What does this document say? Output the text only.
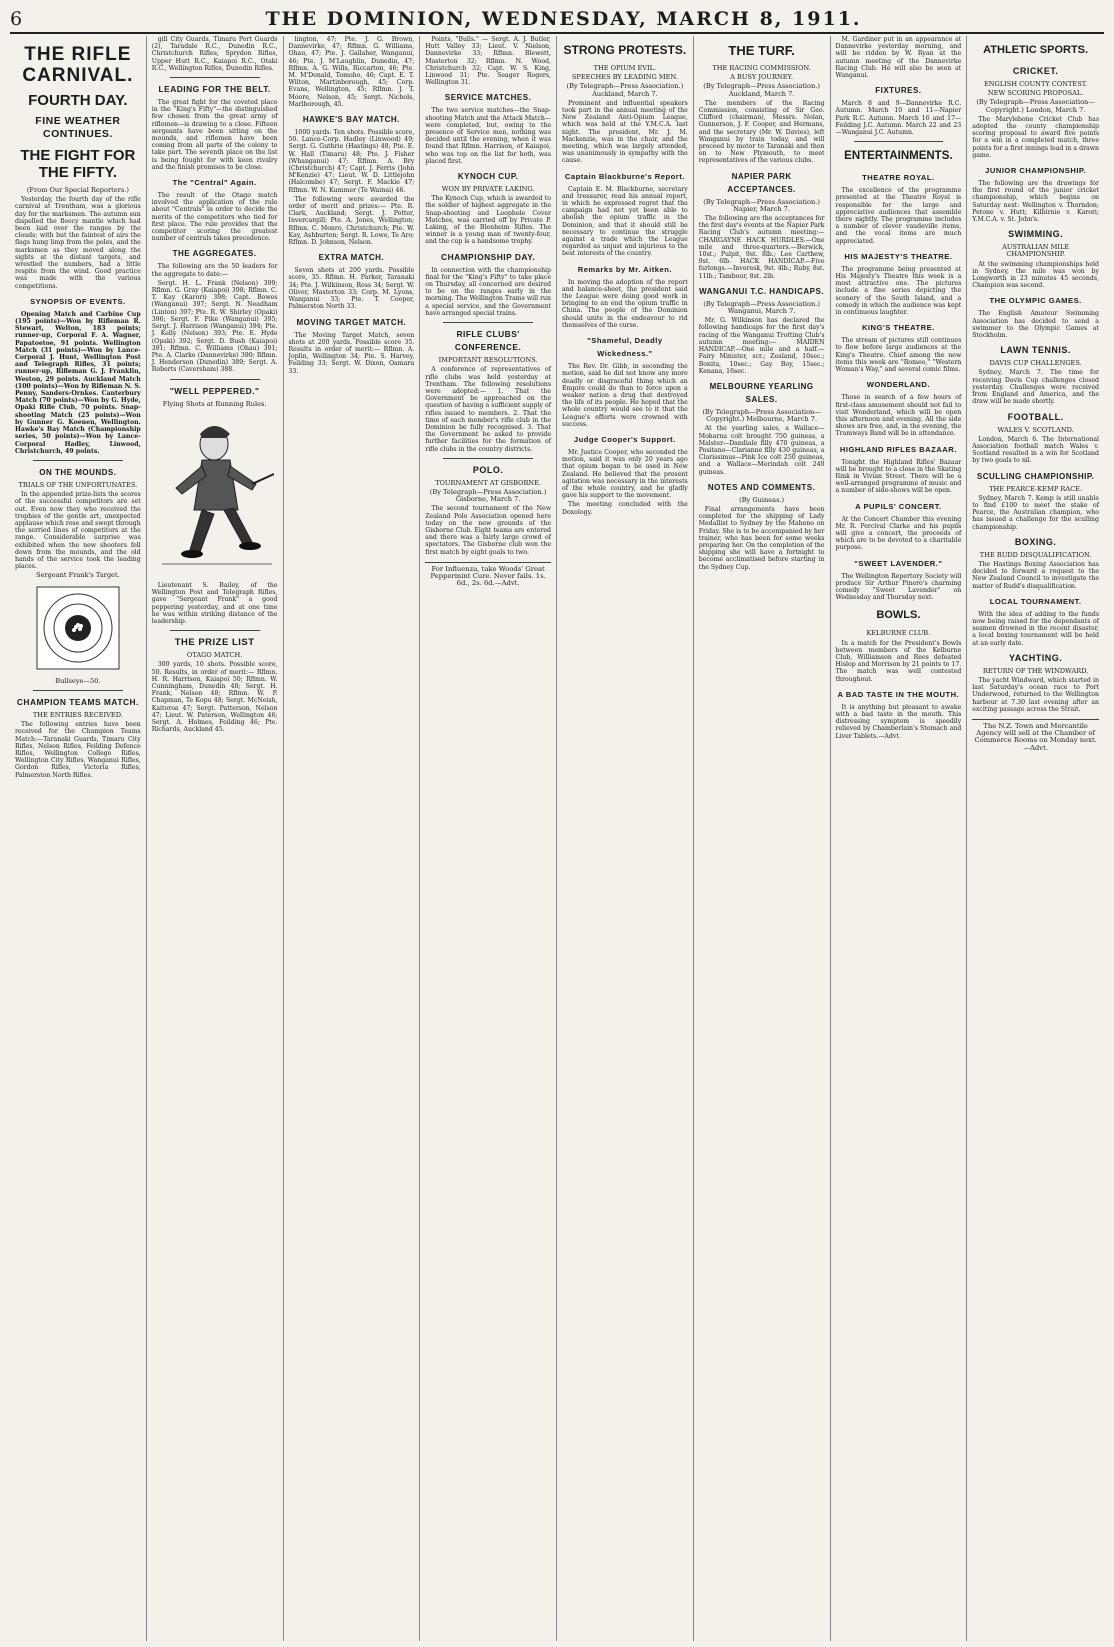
6	THE DOMINION, WEDNESDAY, MARCH 8, 1911.
THE RIFLE CARNIVAL.
FOURTH DAY.
FINE WEATHER CONTINUES.
THE FIGHT FOR THE FIFTY.
(From Our Special Reporters.)

Yesterday, the fourth day of the rifle carnival at Trentham, was a glorious day for the marksmen. The autumn sun dispelled the fleecy mantle which had been laid over the ranges by the clouds; with but the faintest of airs the flags hung limp from the poles, and the marksmen as they moved along the sights at the distant targets, and wrestled the numbers, had a little respite from the wind. Good practice was made with the various competitions.

SYNOPSIS OF EVENTS.

Opening Match and Carbine Cup (195 points)—Won by Rifleman R. Stewart, Welton, 183 points; runner-up, Corporal F. A. Wagner, Papatoetoe, 91 points. Wellington Match (31 points)—Won by Lance-Corporal J. Hunt, Wellington Post and Telegraph Rifles, 31 points; runner-up, Rifleman G. J. Franklin, Weston, 29 points. Auckland Match (100 points)—Won by Rifleman N. S. Penny, Sanders-Ornkes. Canterbury Match (70 points)—Won by G. Hyde, Opaki Rifle Club, 70 points. Snap-shooting Match (25 points)—Won by Gunner G. Koenen, Wellington. Hawke's Bay Match (Championship series, 50 points)—Won by Lance-Corporal Hadley, Linwood, Christchurch, 49 points.

ON THE MOUNDS.
TRIALS OF THE UNFORTUNATES.

In the appended prize-lists the scores of the successful competitors are set out. Even now they who received the trophies of the gentle art, unexpected applause which rose and swept through the serried lines of competitors at the range. Considerable surprise was exhibited when the new shooters fell down from the mounds, and the old hands of the service took the leading places.

Sergeant Frank's Target.
Bullseye—50.
CHAMPION TEAMS MATCH.
THE ENTRIES RECEIVED.

The following entries have been received for the Champion Teams Match:—Taranaki Guards, Timaru City Rifles, Nelson Rifles, Feilding Defence Rifles, Wellington College Rifles, Wellington City Rifles, Wanganui Rifles, Gordon Rifles, Victoria Rifles, Palmerston North Rifles.

gill City Guards, Timaru Port Guards (2), Taradale R.C., Dunedin R.C., Christchurch Rifles, Sprydon Rifles, Upper Hutt R.C., Kaiapoi R.C., Otaki R.C., Wellington Rifles, Dunedin Rifles.

LEADING FOR THE BELT.

The great fight for the coveted place in the "King's Fifty"—the distinguished few chosen from the great army of riflemen—is drawing to a close. Fifteen sergeants have been sitting on the mounds, and riflemen have been coming from all parts of the colony to take part. The seventh place on the list is being fought for with keen rivalry and the finish promises to be close.

The "Central" Again.

The result of the Otago match involved the application of the rule about "Centrals" in order to decide the merits of the competitors who tied for first place. The rule provides that the competitor scoring the greatest number of centrals takes precedence.

THE AGGREGATES.

The following are the 50 leaders for the aggregate to date:—

Sergt. H. L. Frank (Nelson) 399; Rflmn. G. Gray (Kaiapoi) 398; Rflmn. C. T. Kay (Karori) 398; Capt. Bowes (Wanganui) 397; Sergt. N. Neadham (Linton) 397; Pte. R. W. Shirley (Opaki) 396; Sergt. F. Pike (Wanganui) 395; Sergt. J. Harrison (Wanganui) 394; Pte. J. Kelly (Nelson) 393; Pte. E. Hyde (Opaki) 392; Sergt. D. Bush (Kaiapoi) 391; Rflmn. C. Williams (Ohau) 391; Pte. A. Clarke (Dannevirke) 390; Rflmn. J. Henderson (Dunedin) 389; Sergt. A. Roberts (Caversham) 388.

"WELL PEPPERED."
Flying Shots at Running Rules.

Lieutenant S. Bailey, of the Wellington Post and Telegraph Rifles, gave "Sergeant Frank" a good peppering yesterday, and at one time he was within striking distance of the leadership.

THE PRIZE LIST
OTAGO MATCH.

300 yards, 10 shots. Possible score, 50. Results, in order of merit:— Rflmn. H. R. Harrison, Kaiapoi 50; Rflmn. W. Cunningham, Dunedin 48; Sergt. H. Frank, Nelson 48; Rflmn. W. P. Chapman, Te Kopu 48; Sergt. McNeish, Kaitoroa 47; Sergt. Patterson, Nelson 47; Lieut. W. Paterson, Wellington 46; Sergt. A. Holmes, Feilding 46; Pte. Richards, Auckland 45.

lington, 47; Pte. J. G. Brown, Dannevirke, 47; Rflmn. G. Williams, Ohau, 47; Pte. J. Gallaher, Wanganui, 46; Pte. J. M'Laughlin, Dunedin, 47; Rflmn. A. G. Wills, Riccarton, 46; Pte. M. M'Donald, Tomoho, 46; Capt. E. T. Wilton, Martinborough, 45; Corp. Evans, Wellington, 45; Rflmn. J. T. Moore, Nelson, 45; Sergt. Nichols, Marlborough, 45.

HAWKE'S BAY MATCH.

1000 yards. Ten shots. Possible score, 50. Lance-Corp. Hadley (Linwood) 49; Sergt. G. Guthrie (Hastings) 48; Pte. E. W. Hall (Timaru) 48; Pte. J. Fisher (Whanganui) 47; Rflmn. A. Bry (Christchurch) 47; Capt. J. Ferris (John M'Kenzie) 47; Lieut. W. D. Littlejohn (Halcombe) 47; Sergt. F. Mackie 47; Rflmn. W. N. Kummer (Te Wainui) 46.

The following were awarded the order of merit and prizes:— Pte. R. Clark, Auckland; Sergt. J. Potter, Invercargill; Pte. A. Jones, Wellington; Rflmn. C. Monro, Christchurch; Pte. W. Kay, Ashburton; Sergt. R. Lowe, Te Aro; Rflmn. D. Johnson, Nelson.

EXTRA MATCH.

Seven shots at 200 yards. Possible score, 35. Rflmn. H. Parker, Taranaki 34; Pte. J. Wilkinson, Ross 34; Sergt. W. Oliver, Masterton 33; Corp. M. Lyons, Wanganui 33; Pte. T. Cooper, Palmerston North 33.

MOVING TARGET MATCH.

The Moving Target Match, seven shots at 200 yards. Possible score 35. Results in order of merit:— Rflmn. A. Joplin, Wellington 34; Pte. S. Harvey, Feilding 33; Sergt. W. Dixon, Oamaru 33.

Points. "Bulls." — Sergt. A. J. Butler, Hutt Valley 33; Lieut. V. Nielson, Dannevirke 33; Rflmn. Blewett, Masterton 32; Rflmn. N. Wood, Christchurch 32; Capt. W. S. King, Linwood 31; Pte. Seager Rogers, Wellington 31.

SERVICE MATCHES.

The two service matches—the Snap-shooting Match and the Attack Match—were completed, but, owing to the presence of Service men, nothing was decided until the evening, when it was found that Rflmn. Harrison, of Kaiapoi, who was top on the list for both, was placed first.

KYNOCH CUP.
WON BY PRIVATE LAKING.

The Kynoch Cup, which is awarded to the soldier of highest aggregate in the Snap-shooting and Loophole Cover Matches, was carried off by Private P. Laking, of the Blenheim Rifles. The winner is a young man of twenty-four, and the cup is a handsome trophy.

CHAMPIONSHIP DAY.

In connection with the championship final for the "King's Fifty" to take place on Thursday, all concerned are desired to be on the ranges early in the morning. The Wellington Trams will run a special service, and the Government have arranged special trains.

RIFLE CLUBS' CONFERENCE.
IMPORTANT RESOLUTIONS.

A conference of representatives of rifle clubs was held yesterday at Trentham. The following resolutions were adopted:— 1. That the Government be approached on the question of having a sufficient supply of rifles issued to members. 2. That the time of each member's rifle club in the Dominion be fully recognised. 3. That the Government be asked to provide further facilities for the formation of rifle clubs in the country districts.

POLO.
TOURNAMENT AT GISBORNE.
(By Telegraph—Press Association.) Gisborne, March 7.

The second tournament of the New Zealand Polo Association opened here today on the new grounds of the Gisborne Club. Eight teams are entered and there was a fairly large crowd of spectators. The Gisborne club won the first match by eight goals to two.

For Influenza, take Woods' Great Peppermint Cure. Never fails. 1s. 6d., 2s. 6d.—Advt.
STRONG PROTESTS.
THE OPIUM EVIL.
SPEECHES BY LEADING MEN.
(By Telegraph—Press Association.) Auckland, March 7.

Prominent and influential speakers took part in the annual meeting of the New Zealand Anti-Opium League, which was held at the Y.M.C.A. last night. The president, Mr. J. M. Mackenzie, was in the chair, and the meeting, which was largely attended, was unanimously in sympathy with the cause.

Captain Blackburne's Report.

Captain E. M. Blackburne, secretary and treasurer, read his annual report, in which he expressed regret that the campaign had not yet been able to abolish the opium traffic in the Dominion, and that it should still be necessary to continue the struggle against a trade which the League regarded as unjust and injurious to the best interests of the country.

Remarks by Mr. Aitken.

In moving the adoption of the report and balance-sheet, the president said the League were doing good work in bringing to an end the opium traffic in China. The people of the Dominion should unite in the endeavour to rid themselves of the curse.

"Shameful, Deadly Wickedness."

The Rev. Dr. Gibb, in seconding the motion, said he did not know any more deadly or disgraceful thing which an Empire could do than to force upon a weaker nation a drug that destroyed the life of its people. He hoped that the whole country would see to it that the League's efforts were crowned with success.

Judge Cooper's Support.

Mr. Justice Cooper, who seconded the motion, said it was only 20 years ago that opium began to be used in New Zealand. He believed that the present agitation was necessary in the interests of the whole country, and he gladly gave his support to the movement.

The meeting concluded with the Doxology.

THE TURF.
THE RACING COMMISSION.
A BUSY JOURNEY.
(By Telegraph—Press Association.) Auckland, March 7.

The members of the Racing Commission, consisting of Sir Geo. Clifford (chairman), Messrs. Nolan, Gunnerson, J. F. Cooper, and Hermans, and the secretary (Mr. W. Davies), left Wanganui by train today, and will proceed by motor to Taranaki and then on to New Plymouth, to meet representatives of the various clubs.

NAPIER PARK ACCEPTANCES.
(By Telegraph—Press Association.) Napier, March 7.

The following are the acceptances for the first day's events at the Napier Park Racing Club's autumn meeting:— CHARGAYNE HACK HURDLES.—One mile and three-quarters.—Berwick, 10st.; Pulpit, 9st. 8lb.; Lee Carthew, 9st. 6lb. HACK HANDICAP.—Five furlongs.—Inveresk, 9st. 4lb.; Ruby, 8st. 11lb.; Tambour, 8st. 2lb.

WANGANUI T.C. HANDICAPS.
(By Telegraph—Press Association.) Wanganui, March 7.

Mr. G. Wilkinson has declared the following handicaps for the first day's racing of the Wanganui Trotting Club's autumn meeting:— MAIDEN HANDICAP.—One mile and a half.—Fairy Minister, scr.; Zealand, 10sec.; Bonita, 10sec.; Gay Boy, 15sec.; Kenana, 16sec.

MELBOURNE YEARLING SALES.
(By Telegraph—Press Association—Copyright.) Melbourne, March 7.

At the yearling sales, a Wallace—Moharna colt brought 750 guineas, a Malster—Dandiale filly 470 guineas, a Positano—Clarianne filly 430 guineas, a Clarissimus—Pink Ice colt 250 guineas, and a Wallace—Merindah colt 240 guineas.

NOTES AND COMMENTS.
(By Guineas.)

Final arrangements have been completed for the shipping of Lady Medallist to Sydney by the Maheno on Friday. She is to be accompanied by her trainer, who has been for some weeks preparing her. On the completion of the shipping she will have a fortnight to become acclimatised before starting in the Sydney Cup.

M. Gardiner put in an appearance at Dannevirke yesterday morning, and will be ridden by W. Ryan at the autumn meeting of the Dannevirke Racing Club. He will also be seen at Wanganui.

FIXTURES.

March 8 and 9—Dannevirke R.C. Autumn. March 10 and 11—Napier Park R.C. Autumn. March 16 and 17—Feilding J.C. Autumn. March 22 and 23—Wanganui J.C. Autumn.

ENTERTAINMENTS.
THEATRE ROYAL.

The excellence of the programme presented at the Theatre Royal is responsible for the large and appreciative audiences that assemble there nightly. The programme includes a number of clever vaudeville items, and the vocal items are much appreciated.

HIS MAJESTY'S THEATRE.

The programme being presented at His Majesty's Theatre this week is a most attractive one. The pictures include a fine series depicting the scenery of the South Island, and a comedy in which the audience was kept in continuous laughter.

KING'S THEATRE.

The stream of pictures still continues to flow before large audiences at the King's Theatre. Chief among the new items this week are "Romeo," "Western Woman's Way," and several comic films.

WONDERLAND.

Those in search of a few hours of first-class amusement should not fail to visit Wonderland, which will be open this afternoon and evening. All the side shows are free, and, in the evening, the Tramways Band will be in attendance.

HIGHLAND RIFLES BAZAAR.

Tonight the Highland Rifles' Bazaar will be brought to a close in the Skating Rink in Vivian Street. There will be a well-arranged programme of music and a number of side-shows will be open.

A PUPILS' CONCERT.

At the Concert Chamber this evening Mr. R. Percival Clarke and his pupils will give a concert, the proceeds of which are to be devoted to a charitable purpose.

"SWEET LAVENDER."

The Wellington Repertory Society will produce Sir Arthur Pinero's charming comedy "Sweet Lavender" on Wednesday and Thursday next.

BOWLS.
KELBURNE CLUB.

In a match for the President's Bowls between members of the Kelburne Club, Williamson and Rees defeated Hislop and Morrison by 21 points to 17. The match was well contested throughout.

A BAD TASTE IN THE MOUTH.

It is anything but pleasant to awake with a bad taste in the mouth. This distressing symptom is speedily relieved by Chamberlain's Stomach and Liver Tablets.—Advt.

ATHLETIC SPORTS.
CRICKET.
ENGLISH COUNTY CONTEST.
NEW SCORING PROPOSAL.
(By Telegraph—Press Association—Copyright.) London, March 7.

The Marylebone Cricket Club has adopted the county championship scoring proposal to award five points for a win in a completed match, three points for a first innings lead in a drawn game.

JUNIOR CHAMPIONSHIP.

The following are the drawings for the first round of the junior cricket championship, which begins on Saturday next: Wellington v. Thorndon; Petone v. Hutt; Kilbirnie v. Karori; Y.M.C.A. v. St. John's.

SWIMMING.
AUSTRALIAN MILE CHAMPIONSHIP.

At the swimming championships held in Sydney, the mile was won by Longworth in 23 minutes 45 seconds, Champion was second.

THE OLYMPIC GAMES.

The English Amateur Swimming Association has decided to send a swimmer to the Olympic Games at Stockholm.

LAWN TENNIS.
DAVIS CUP CHALLENGES.

Sydney, March 7. The time for receiving Davis Cup challenges closed yesterday. Challenges were received from England and America, and the draw will be made shortly.

FOOTBALL.
WALES V. SCOTLAND.

London, March 6. The International Association football match Wales v. Scotland resulted in a win for Scotland by two goals to nil.

SCULLING CHAMPIONSHIP.
THE PEARCE-KEMP RACE.

Sydney, March 7. Kemp is still unable to find £100 to meet the stake of Pearce, the Australian champion, who has issued a challenge for the sculling championship.

BOXING.
THE RUDD DISQUALIFICATION.

The Hastings Boxing Association has decided to forward a request to the New Zealand Council to investigate the matter of Rudd's disqualification.

LOCAL TOURNAMENT.

With the idea of adding to the funds now being raised for the dependants of seamen drowned in the recent disaster, a local boxing tournament will be held at an early date.

YACHTING.
RETURN OF THE WINDWARD.

The yacht Windward, which started in last Saturday's ocean race to Port Underwood, returned to the Wellington harbour at 7.30 last evening after an exciting passage across the Strait.

The N.Z. Town and Mercantile Agency will sell at the Chamber of Commerce Rooms on Monday next.—Advt.
